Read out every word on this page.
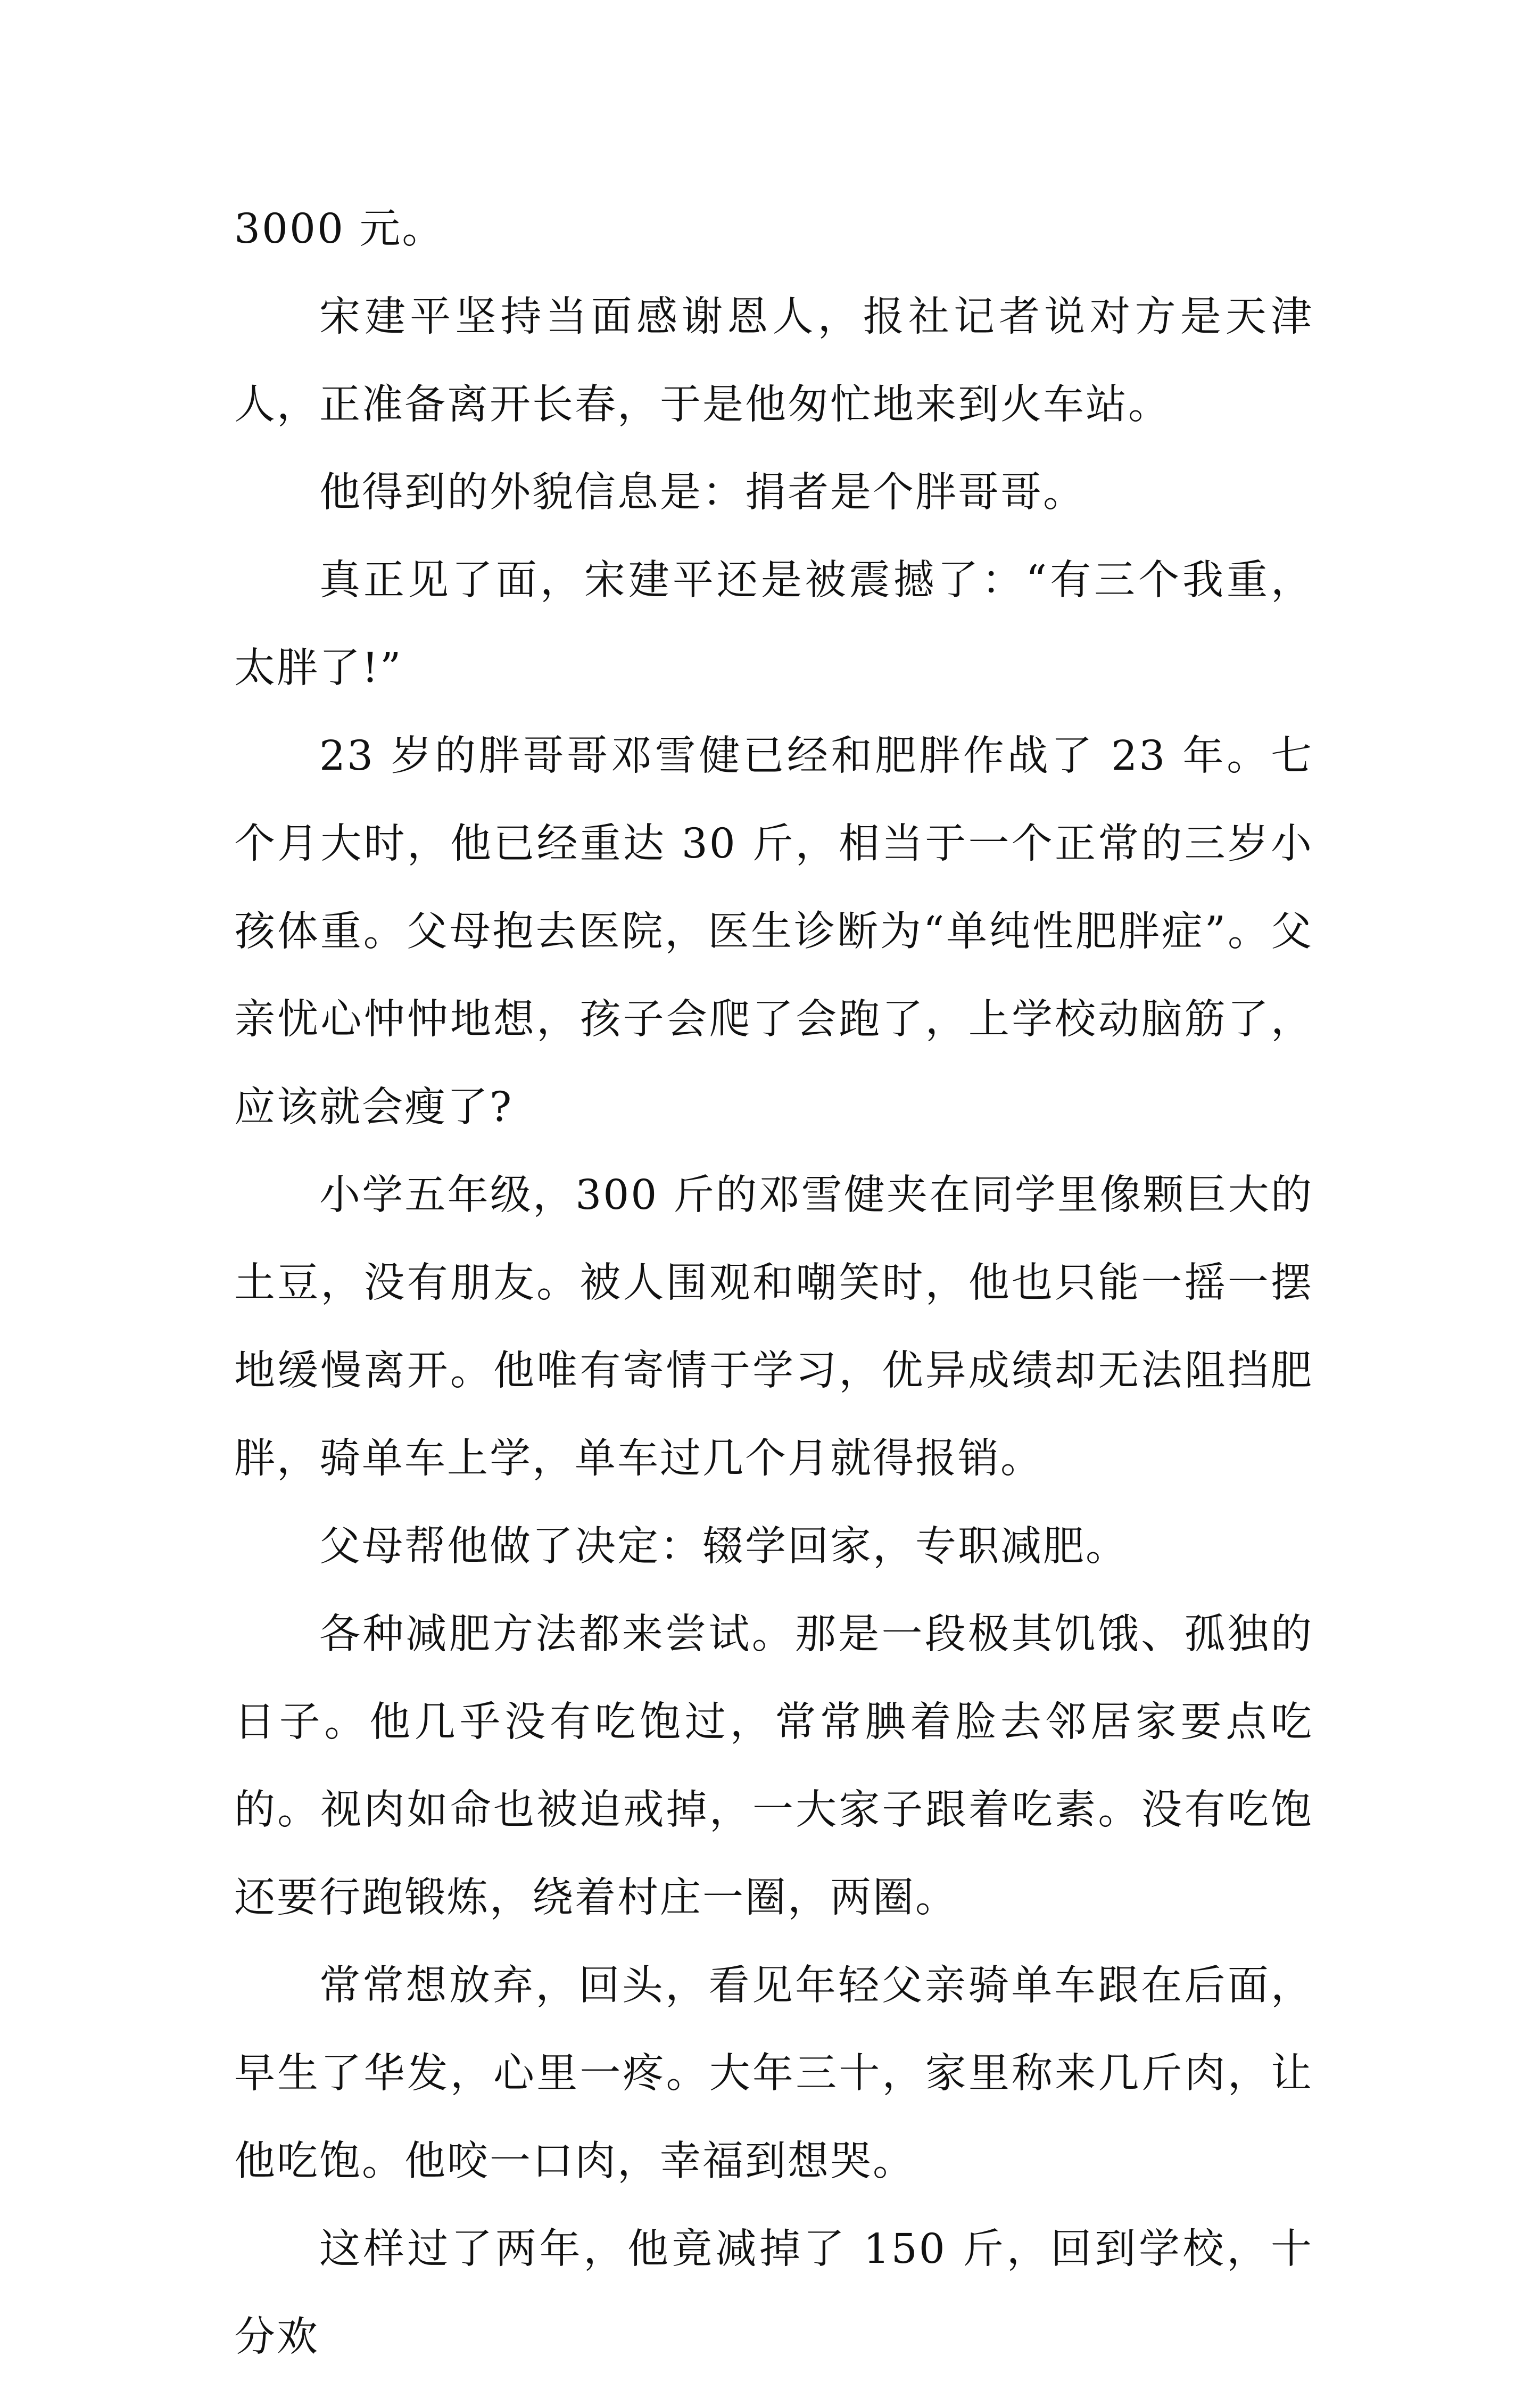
3000 元。

宋建平坚持当面感谢恩人，报社记者说对方是天津人，正准备离开长春，于是他匆忙地来到火车站。

他得到的外貌信息是：捐者是个胖哥哥。

真正见了面，宋建平还是被震撼了：“有三个我重，太胖了!”

23 岁的胖哥哥邓雪健已经和肥胖作战了 23 年。七个月大时，他已经重达 30 斤，相当于一个正常的三岁小孩体重。父母抱去医院，医生诊断为“单纯性肥胖症”。父亲忧心忡忡地想，孩子会爬了会跑了，上学校动脑筋了，应该就会瘦了?

小学五年级，300 斤的邓雪健夹在同学里像颗巨大的土豆，没有朋友。被人围观和嘲笑时，他也只能一摇一摆地缓慢离开。他唯有寄情于学习，优异成绩却无法阻挡肥胖，骑单车上学，单车过几个月就得报销。

父母帮他做了决定：辍学回家，专职减肥。

各种减肥方法都来尝试。那是一段极其饥饿、孤独的日子。他几乎没有吃饱过，常常腆着脸去邻居家要点吃的。视肉如命也被迫戒掉，一大家子跟着吃素。没有吃饱还要行跑锻炼，绕着村庄一圈，两圈。

常常想放弃，回头，看见年轻父亲骑单车跟在后面，早生了华发，心里一疼。大年三十，家里称来几斤肉，让他吃饱。他咬一口肉，幸福到想哭。

这样过了两年，他竟减掉了 150 斤，回到学校，十分欢
